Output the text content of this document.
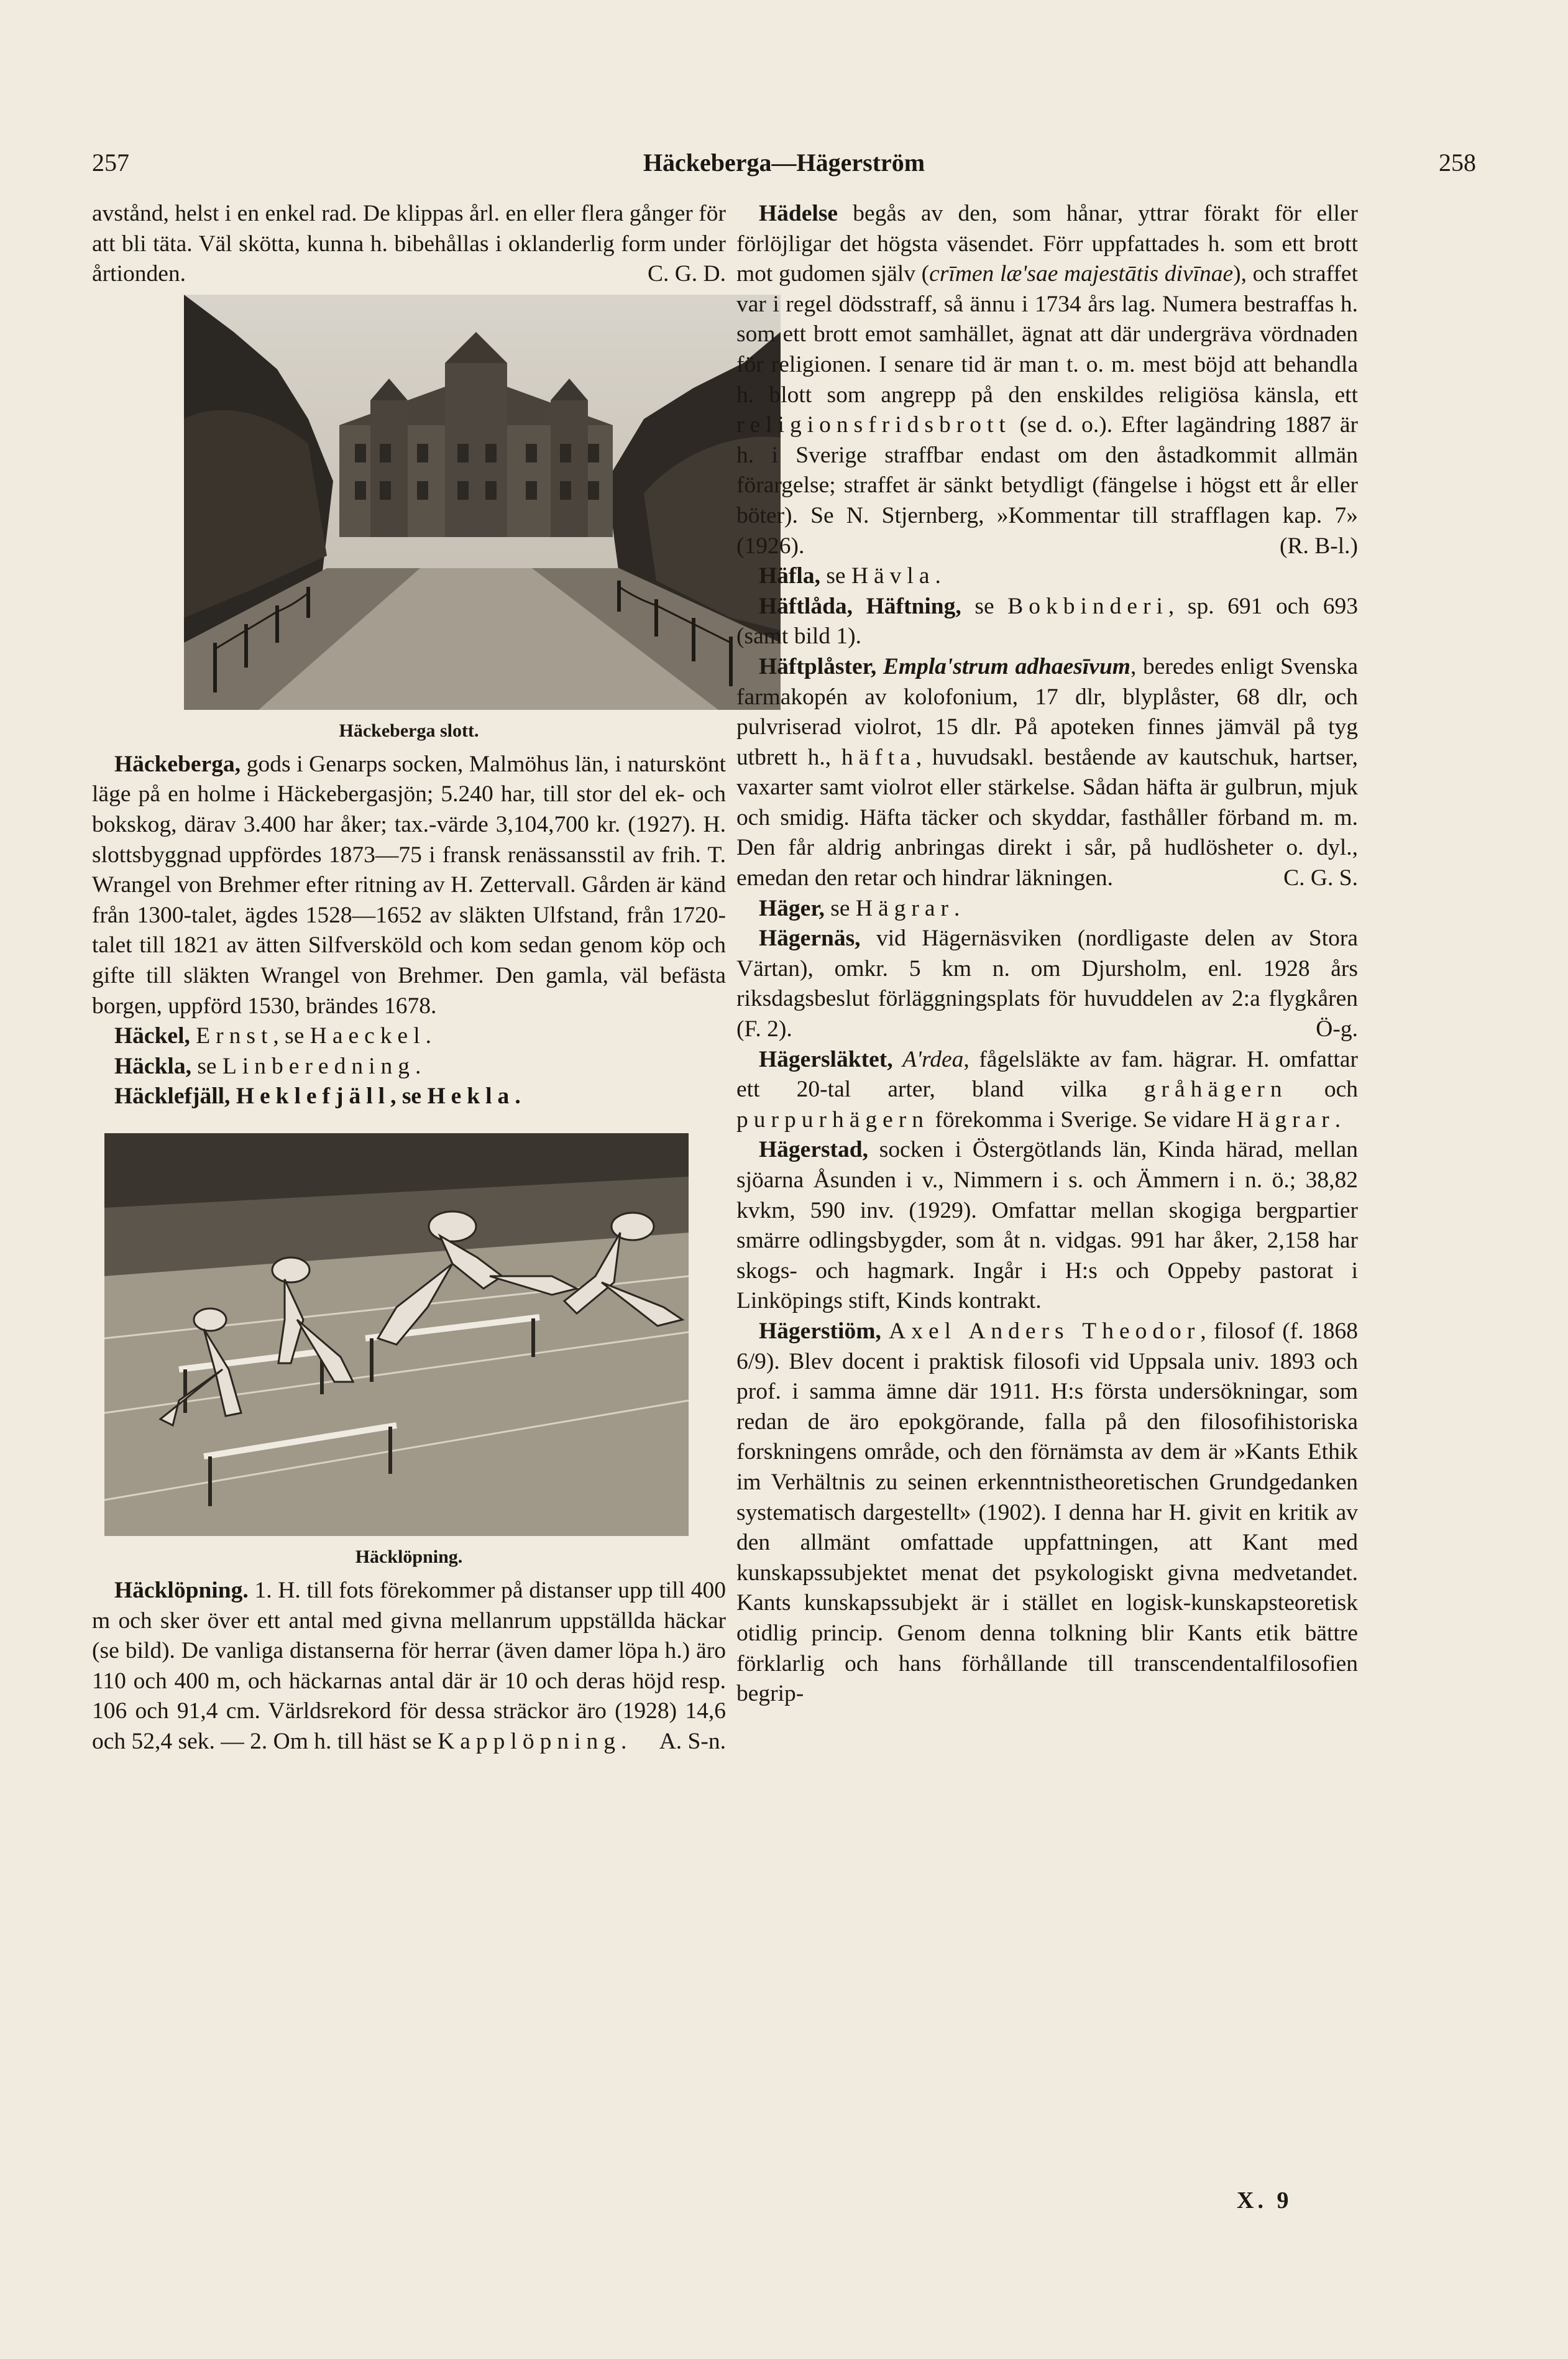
257	Häckeberga—Hägerström	258

avstånd, helst i en enkel rad. De klippas årl. en eller flera gånger för att bli täta. Väl skötta, kunna h. bibehållas i oklanderlig form under årtionden.	C. G. D.

Häckeberga slott.

Häckeberga, gods i Genarps socken, Malmöhus län, i naturskönt läge på en holme i Häckebergasjön; 5.240 har, till stor del ek- och bokskog, därav 3.400 har åker; tax.-värde 3,104,700 kr. (1927). H. slottsbyggnad uppfördes 1873—75 i fransk renässansstil av frih. T. Wrangel von Brehmer efter ritning av H. Zettervall. Gården är känd från 1300-talet, ägdes 1528—1652 av släkten Ulfstand, från 1720-talet till 1821 av ätten Silfversköld och kom sedan genom köp och gifte till släkten Wrangel von Brehmer. Den gamla, väl befästa borgen, uppförd 1530, brändes 1678.

Häckel, Ernst, se Haeckel.

Häckla, se Linberedning.

Häcklefjäll, Heklefjäll, se Hekla.

Häcklöpning.

Häcklöpning. 1. H. till fots förekommer på distanser upp till 400 m och sker över ett antal med givna mellanrum uppställda häckar (se bild). De vanliga distanserna för herrar (även damer löpa h.) äro 110 och 400 m, och häckarnas antal där är 10 och deras höjd resp. 106 och 91,4 cm. Världsrekord för dessa sträckor äro (1928) 14,6 och 52,4 sek. — 2. Om h. till häst se Kapplöpning.	A. S-n.

Hädelse begås av den, som hånar, yttrar förakt för eller förlöjligar det högsta väsendet. Förr uppfattades h. som ett brott mot gudomen själv (crīmen læ'sae majestātis divīnae), och straffet var i regel dödsstraff, så ännu i 1734 års lag. Numera bestraffas h. som ett brott emot samhället, ägnat att där undergräva vördnaden för religionen. I senare tid är man t. o. m. mest böjd att behandla h. blott som angrepp på den enskildes religiösa känsla, ett religionsfridsbrott (se d. o.). Efter lagändring 1887 är h. i Sverige straffbar endast om den åstadkommit allmän förargelse; straffet är sänkt betydligt (fängelse i högst ett år eller böter). Se N. Stjernberg, »Kommentar till strafflagen kap. 7» (1926).	(R. B-l.)

Häfla, se Hävla.

Häftlåda, Häftning, se Bokbinderi, sp. 691 och 693 (samt bild 1).

Häftplåster, Empla'strum adhaesīvum, beredes enligt Svenska farmakopén av kolofonium, 17 dlr, blyplåster, 68 dlr, och pulvriserad violrot, 15 dlr. På apoteken finnes jämväl på tyg utbrett h., häfta, huvudsakl. bestående av kautschuk, hartser, vaxarter samt violrot eller stärkelse. Sådan häfta är gulbrun, mjuk och smidig. Häfta täcker och skyddar, fasthåller förband m. m. Den får aldrig anbringas direkt i sår, på hudlösheter o. dyl., emedan den retar och hindrar läkningen.	C. G. S.

Häger, se Hägrar.

Hägernäs, vid Hägernäsviken (nordligaste delen av Stora Värtan), omkr. 5 km n. om Djursholm, enl. 1928 års riksdagsbeslut förläggningsplats för huvuddelen av 2:a flygkåren (F. 2).	Ö-g.

Hägersläktet, A'rdea, fågelsläkte av fam. hägrar. H. omfattar ett 20-tal arter, bland vilka gråhägern och purpurhägern förekomma i Sverige. Se vidare Hägrar.

Hägerstad, socken i Östergötlands län, Kinda härad, mellan sjöarna Åsunden i v., Nimmern i s. och Ämmern i n. ö.; 38,82 kvkm, 590 inv. (1929). Omfattar mellan skogiga bergpartier smärre odlingsbygder, som åt n. vidgas. 991 har åker, 2,158 har skogs- och hagmark. Ingår i H:s och Oppeby pastorat i Linköpings stift, Kinds kontrakt.

Hägerstiöm, Axel Anders Theodor, filosof (f. 1868 6/9). Blev docent i praktisk filosofi vid Uppsala univ. 1893 och prof. i samma ämne där 1911. H:s första undersökningar, som redan de äro epokgörande, falla på den filosofihistoriska forskningens område, och den förnämsta av dem är »Kants Ethik im Verhältnis zu seinen erkenntnistheoretischen Grundgedanken systematisch dargestellt» (1902). I denna har H. givit en kritik av den allmänt omfattade uppfattningen, att Kant med kunskapssubjektet menat det psykologiskt givna medvetandet. Kants kunskapssubjekt är i stället en logisk-kunskapsteoretisk otidlig princip. Genom denna tolkning blir Kants etik bättre förklarlig och hans förhållande till transcendentalfilosofien begrip-

X. 9
